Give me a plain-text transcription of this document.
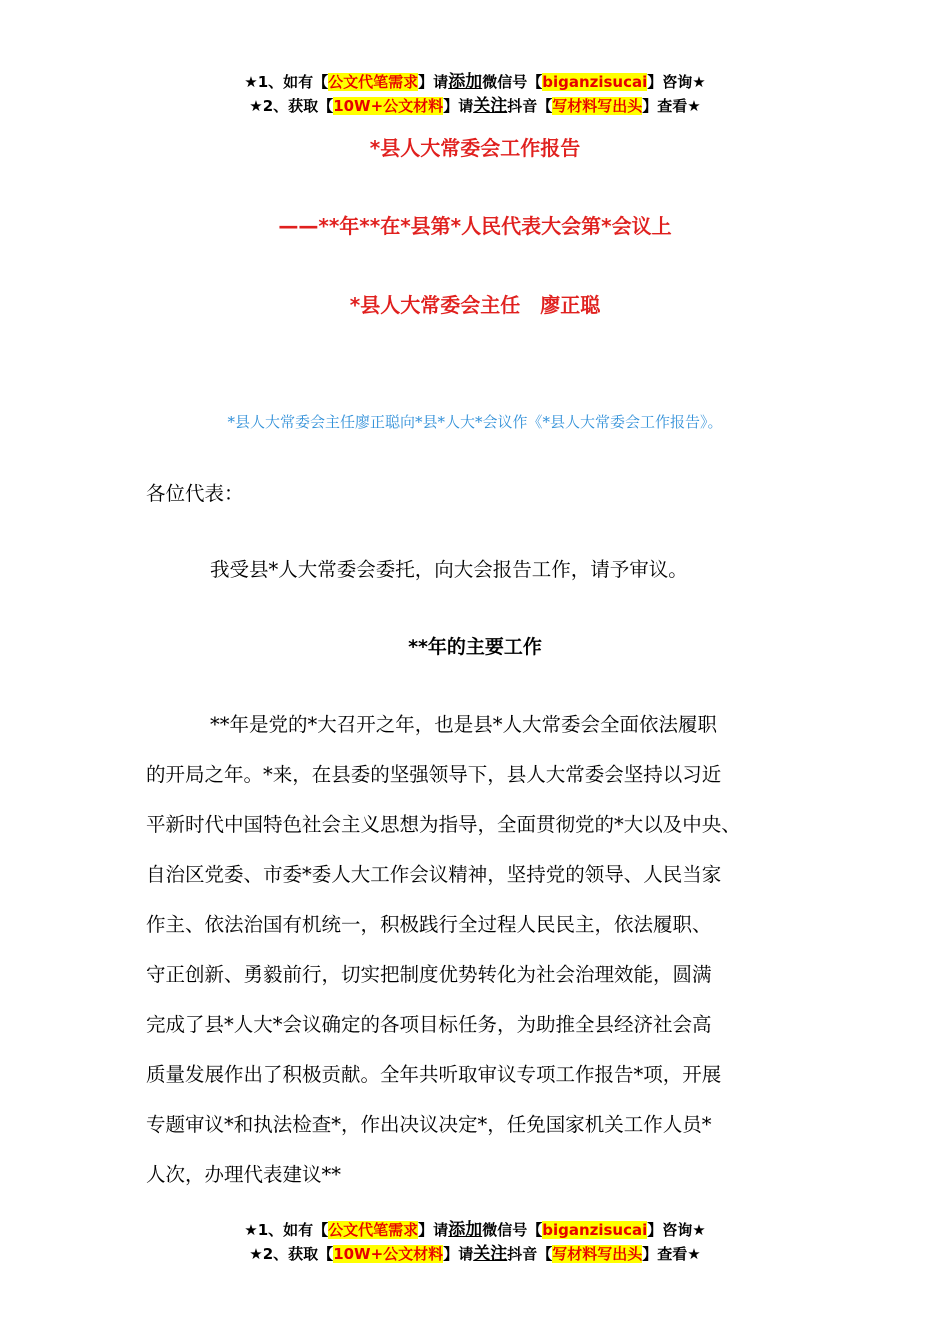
★1、如有【公文代笔需求】请添加微信号【biganzisucai】咨询★
★2、获取【10W+公文材料】请关注抖音【写材料写出头】查看★
*县人大常委会工作报告
——**年**在*县第*人民代表大会第*会议上
*县人大常委会主任　廖正聪
*县人大常委会主任廖正聪向*县*人大*会议作《*县人大常委会工作报告》。
各位代表：
我受县*人大常委会委托，向大会报告工作，请予审议。
**年的主要工作
**年是党的*大召开之年，也是县*人大常委会全面依法履职
的开局之年。*来，在县委的坚强领导下，县人大常委会坚持以习近
平新时代中国特色社会主义思想为指导，全面贯彻党的*大以及中央、
自治区党委、市委*委人大工作会议精神，坚持党的领导、人民当家
作主、依法治国有机统一，积极践行全过程人民民主，依法履职、
守正创新、勇毅前行，切实把制度优势转化为社会治理效能，圆满
完成了县*人大*会议确定的各项目标任务，为助推全县经济社会高
质量发展作出了积极贡献。全年共听取审议专项工作报告*项，开展
专题审议*和执法检查*，作出决议决定*，任免国家机关工作人员*
人次，办理代表建议**
★1、如有【公文代笔需求】请添加微信号【biganzisucai】咨询★
★2、获取【10W+公文材料】请关注抖音【写材料写出头】查看★
